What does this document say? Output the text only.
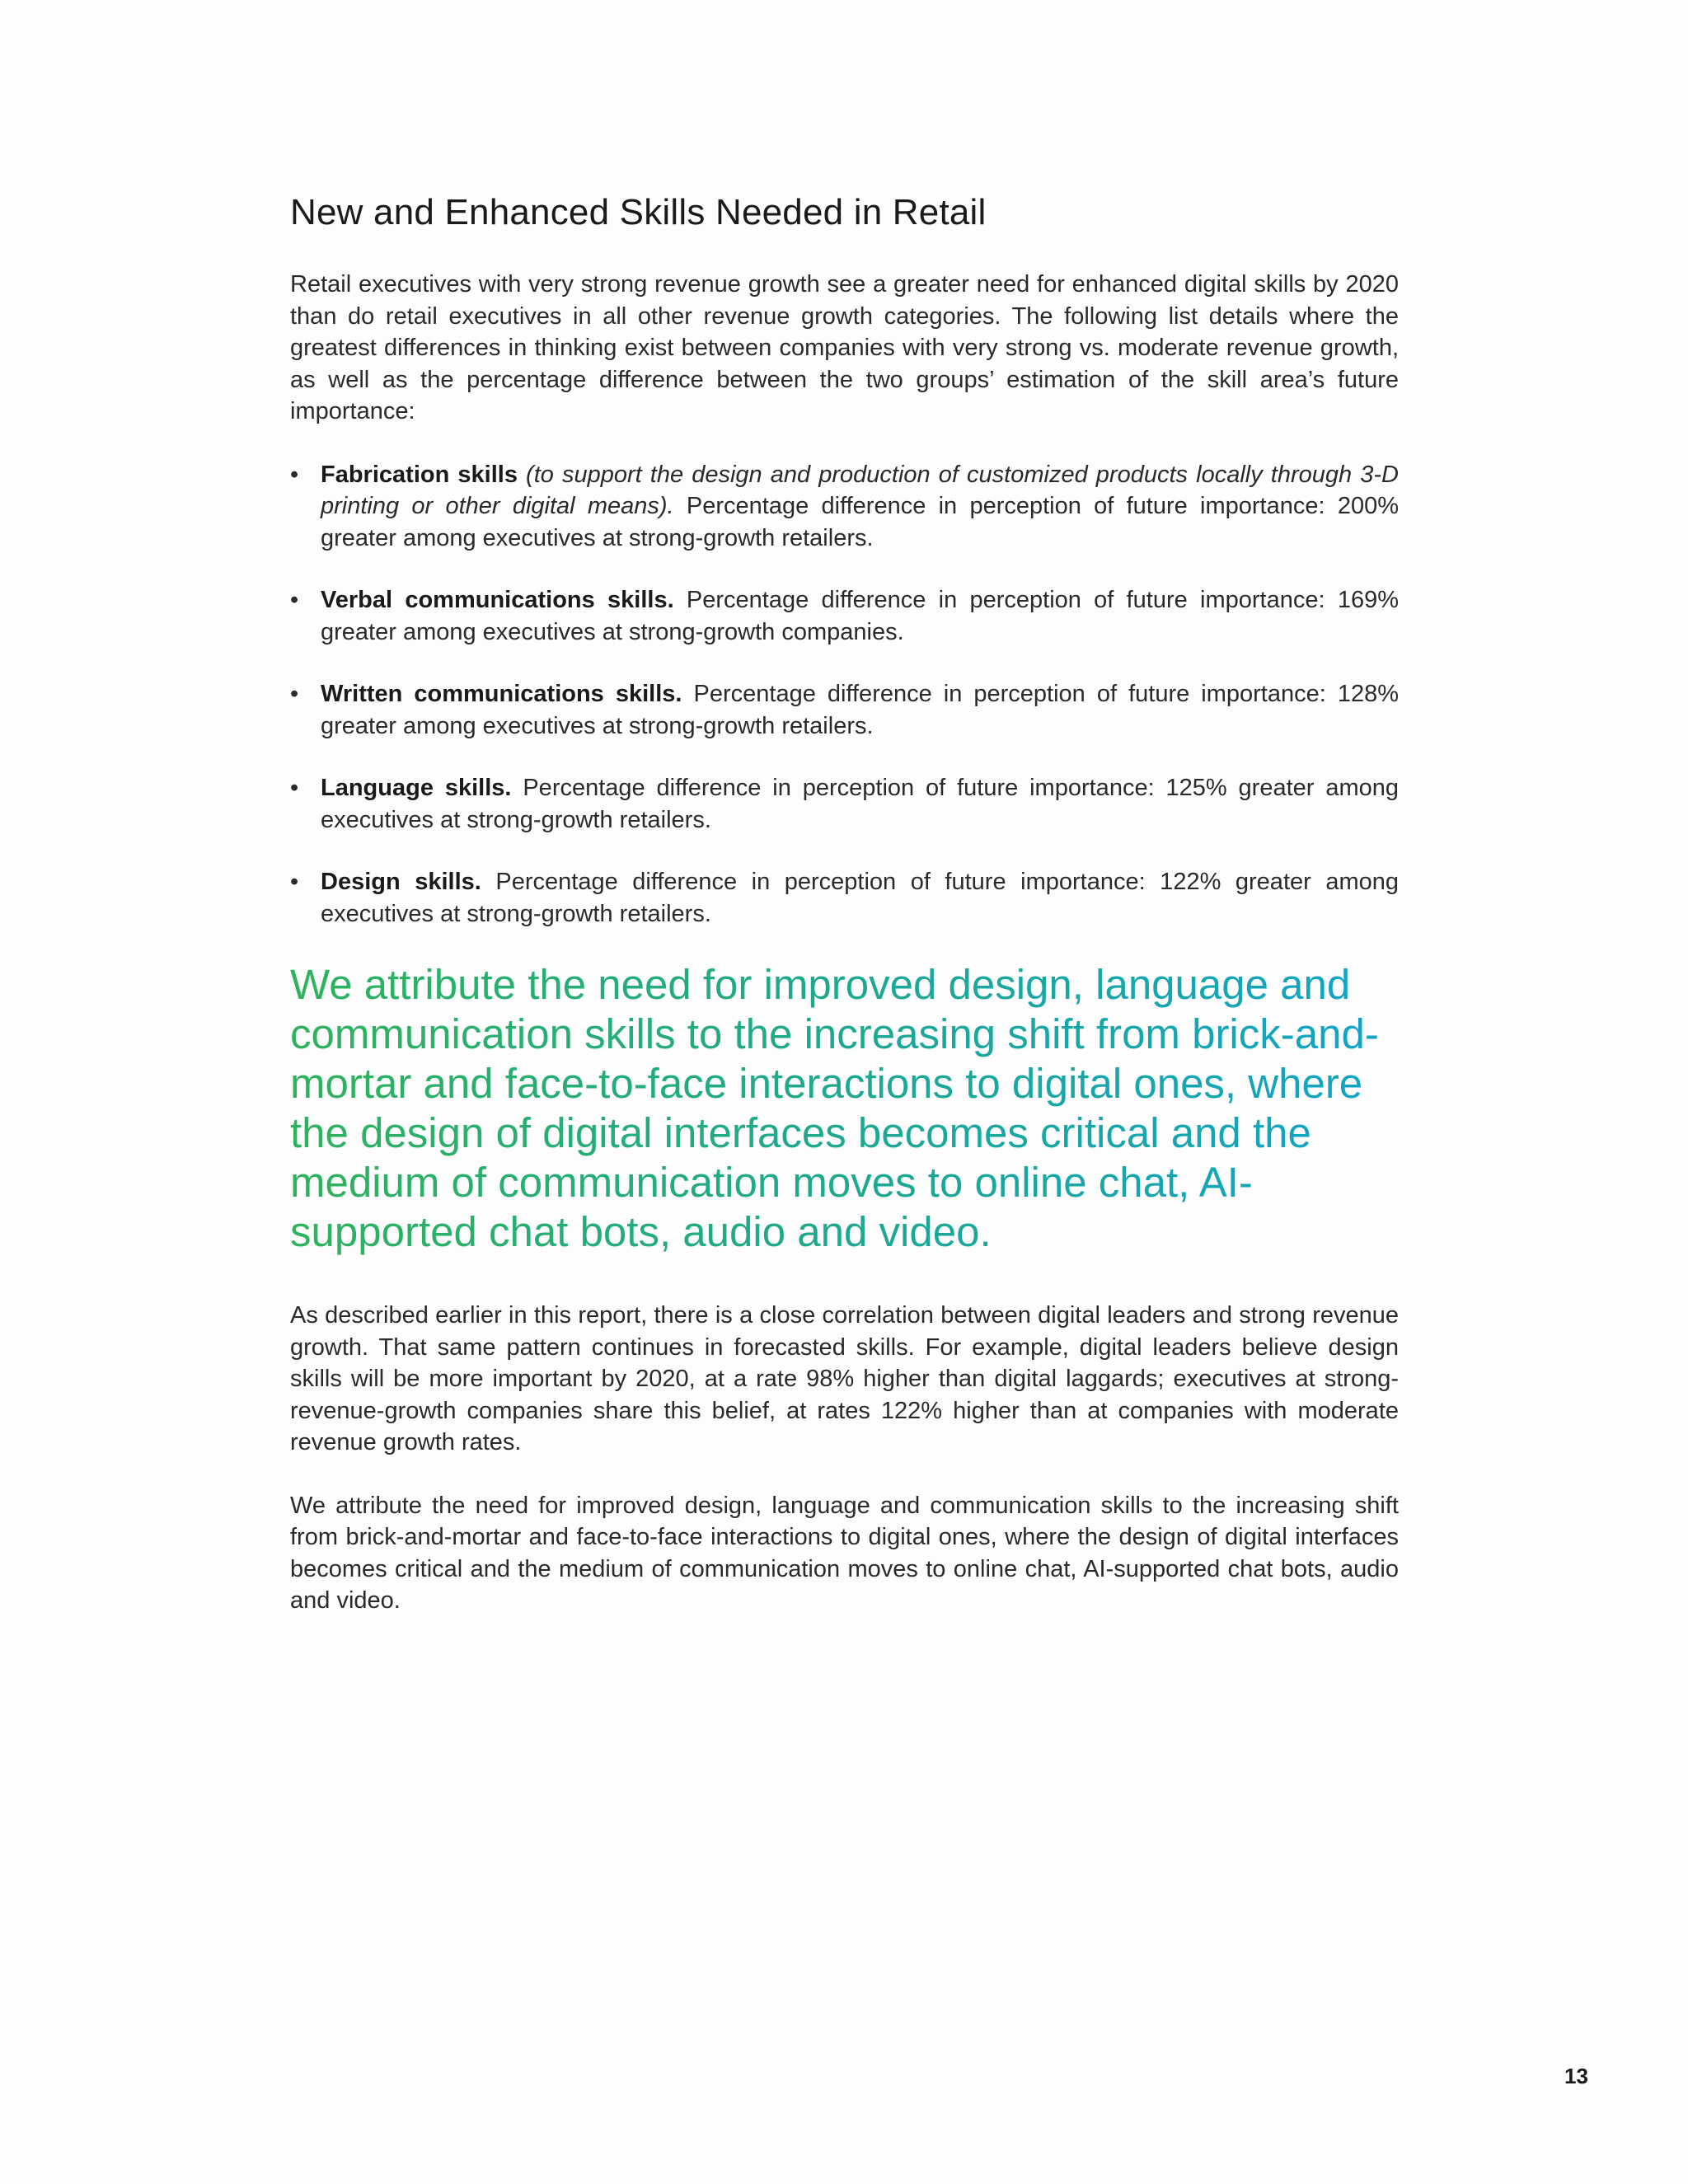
New and Enhanced Skills Needed in Retail

Retail executives with very strong revenue growth see a greater need for enhanced digital skills by 2020 than do retail executives in all other revenue growth categories. The following list details where the greatest differences in thinking exist between companies with very strong vs. moderate revenue growth, as well as the percentage difference between the two groups’ estimation of the skill area’s future importance:

•
Fabrication skills (to support the design and production of customized products locally through 3-D printing or other digital means). Percentage difference in perception of future importance: 200% greater among executives at strong-growth retailers.
•
Verbal communications skills. Percentage difference in perception of future importance: 169% greater among executives at strong-growth companies.
•
Written communications skills. Percentage difference in perception of future importance: 128% greater among executives at strong-growth retailers.
•
Language skills. Percentage difference in perception of future importance: 125% greater among executives at strong-growth retailers.
•
Design skills. Percentage difference in perception of future importance: 122% greater among executives at strong-growth retailers.
We attribute the need for improved design, language and communication skills to the increasing shift from brick-and-mortar and face-to-face interactions to digital ones, where the design of digital interfaces becomes critical and the medium of communication moves to online chat, AI-supported chat bots, audio and video.

As described earlier in this report, there is a close correlation between digital leaders and strong revenue growth. That same pattern continues in forecasted skills. For example, digital leaders believe design skills will be more important by 2020, at a rate 98% higher than digital laggards; executives at strong-revenue-growth companies share this belief, at rates 122% higher than at companies with moderate revenue growth rates.

We attribute the need for improved design, language and communication skills to the increasing shift from brick-and-mortar and face-to-face interactions to digital ones, where the design of digital interfaces becomes critical and the medium of communication moves to online chat, AI-supported chat bots, audio and video.

13
